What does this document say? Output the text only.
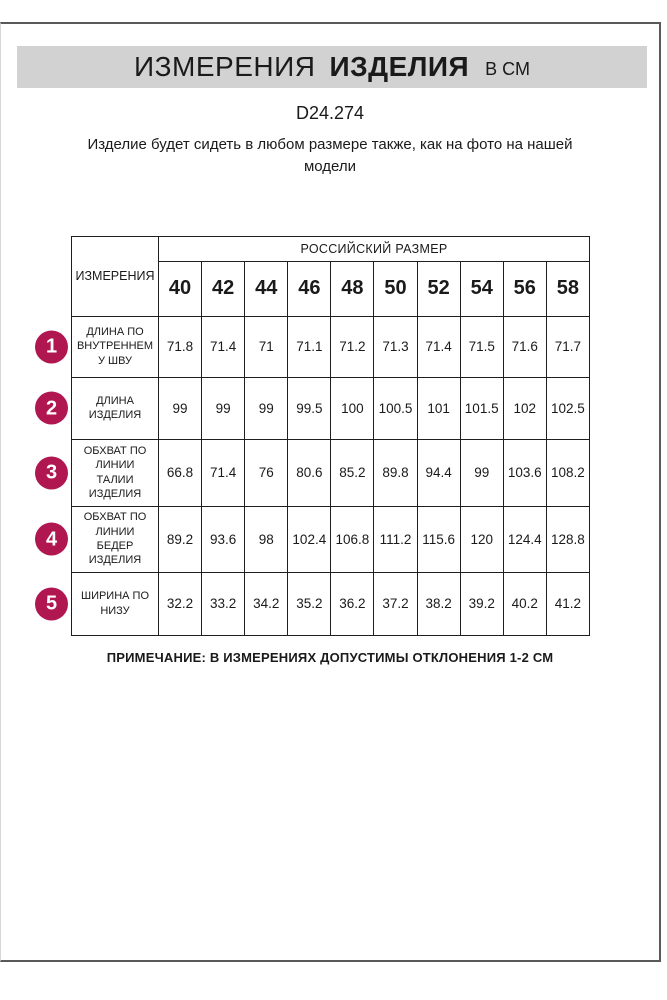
ИЗМЕРЕНИЯ ИЗДЕЛИЯ В СМ
D24.274
Изделие будет сидеть в любом размере также, как на фото на нашей модели
ИЗМЕРЕНИЯ	РОССИЙСКИЙ РАЗМЕР									
	40	42	44	46	48	50	52	54	56	58

1
ДЛИНА ПО ВНУТРЕННЕМУ ШВУ	71.8	71.4	71	71.1	71.2	71.3	71.4	71.5	71.6	71.7

2 ДЛИНА ИЗДЕЛИЯ	99	99	99	99.5	100	100.5	101	101.5	102	102.5

3
ОБХВАТ ПО ЛИНИИ ТАЛИИ ИЗДЕЛИЯ	66.8	71.4	76	80.6	85.2	89.8	94.4	99	103.6	108.2

4
ОБХВАТ ПО ЛИНИИ БЕДЕР ИЗДЕЛИЯ	89.2	93.6	98	102.4	106.8	111.2	115.6	120	124.4	128.8

5 ШИРИНА ПО НИЗУ	32.2	33.2	34.2	35.2	36.2	37.2	38.2	39.2	40.2	41.2
ПРИМЕЧАНИЕ: В ИЗМЕРЕНИЯХ ДОПУСТИМЫ ОТКЛОНЕНИЯ 1-2 СМ
